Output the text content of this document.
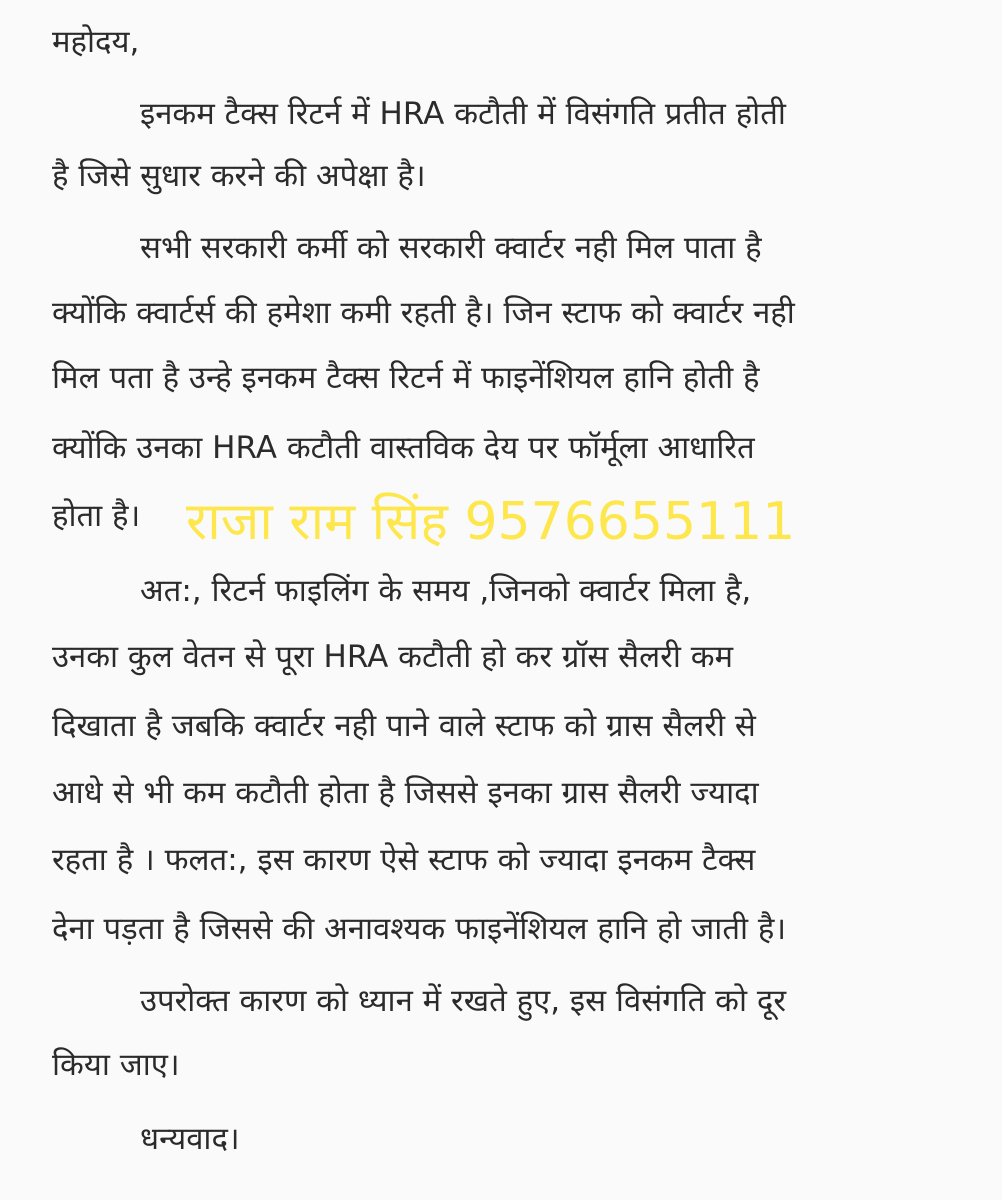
महोदय,
इनकम टैक्स रिटर्न में HRA कटौती में विसंगति प्रतीत होती
है जिसे सुधार करने की अपेक्षा है।
सभी सरकारी कर्मी को सरकारी क्वार्टर नही मिल पाता है
क्योंकि क्वार्टर्स की हमेशा कमी रहती है। जिन स्टाफ को क्वार्टर नही
मिल पता है उन्हे इनकम टैक्स रिटर्न में फाइनेंशियल हानि होती है
क्योंकि उनका HRA कटौती वास्तविक देय पर फॉर्मूला आधारित
होता है। राजा राम सिंह 9576655111
अत:, रिटर्न फाइलिंग के समय ,जिनको क्वार्टर मिला है,
उनका कुल वेतन से पूरा HRA कटौती हो कर ग्रॉस सैलरी कम
दिखाता है जबकि क्वार्टर नही पाने वाले स्टाफ को ग्रास सैलरी से
आधे से भी कम कटौती होता है जिससे इनका ग्रास सैलरी ज्यादा
रहता है । फलत:, इस कारण ऐसे स्टाफ को ज्यादा इनकम टैक्स
देना पड़ता है जिससे की अनावश्यक फाइनेंशियल हानि हो जाती है।
उपरोक्त कारण को ध्यान में रखते हुए, इस विसंगति को दूर
किया जाए।
धन्यवाद।
